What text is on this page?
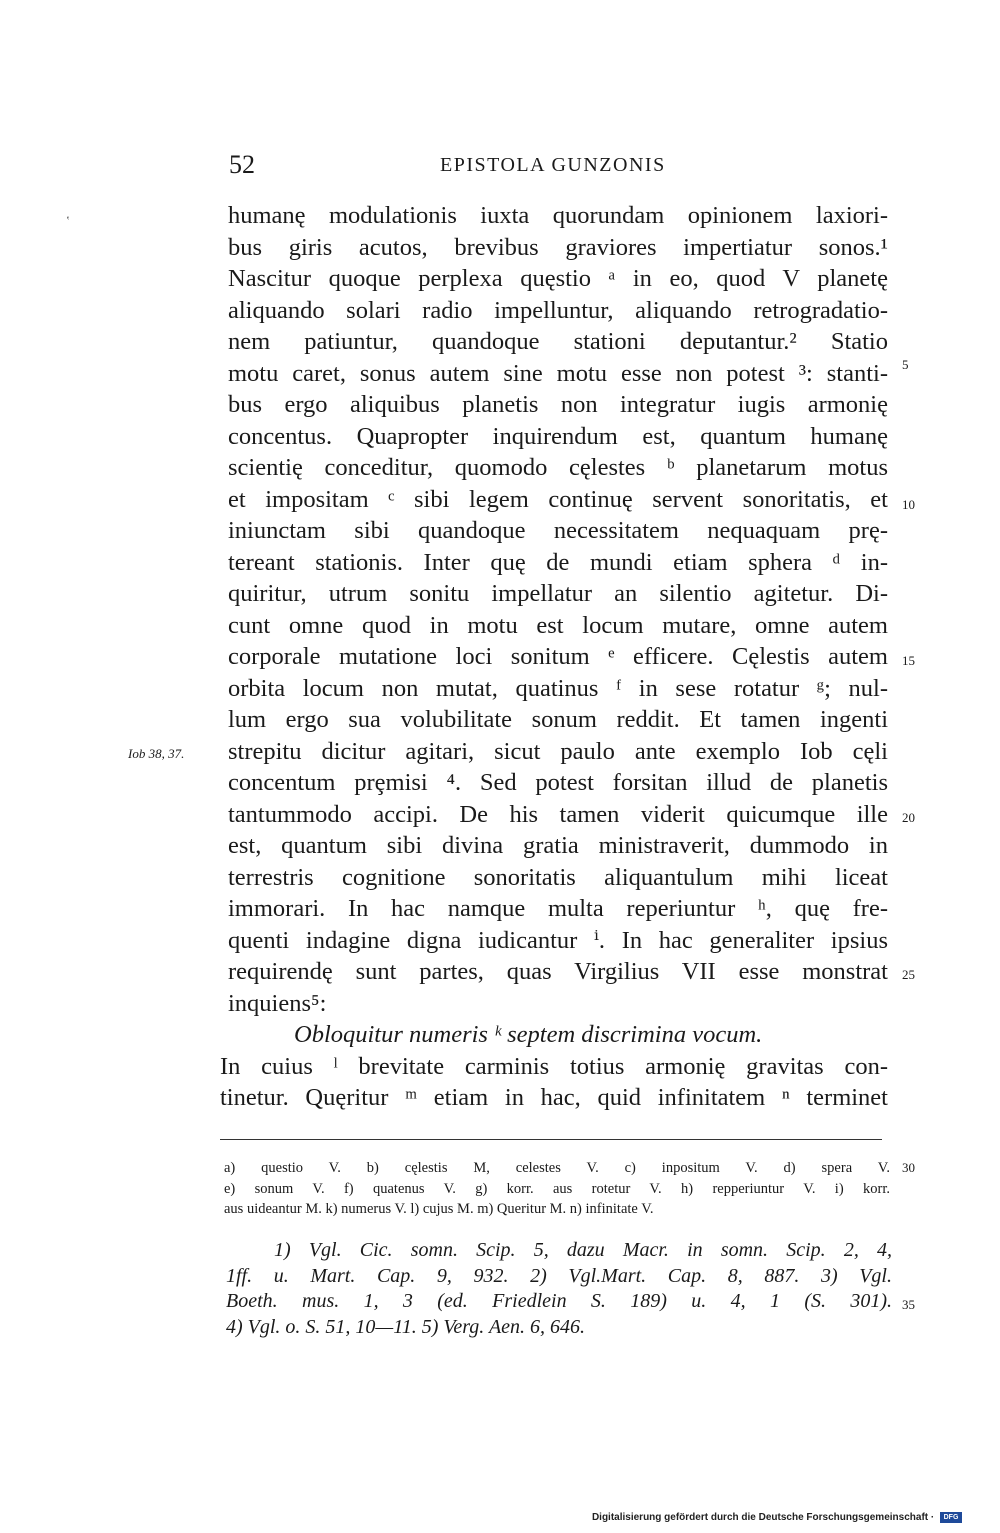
52	EPISTOLA GUNZONIS
‛	humanę modulationis iuxta quorundam opinionem laxiori-
bus giris acutos, brevibus graviores impertiatur sonos.¹
Nascitur quoque perplexa quęstio ᵃ in eo, quod V planetę
aliquando solari radio impelluntur, aliquando retrogradatio-
nem patiuntur, quandoque stationi deputantur.² Statio
motu caret, sonus autem sine motu esse non potest ³: stanti-
bus ergo aliquibus planetis non integratur iugis armonię
concentus. Quapropter inquirendum est, quantum humanę
scientię conceditur, quomodo cęlestes ᵇ planetarum motus
et impositam ᶜ sibi legem continuę servent sonoritatis, et
iniunctam sibi quandoque necessitatem nequaquam prę-
tereant stationis. Inter quę de mundi etiam sphera ᵈ in-
quiritur, utrum sonitu impellatur an silentio agitetur. Di-
cunt omne quod in motu est locum mutare, omne autem
corporale mutatione loci sonitum ᵉ efficere. Cęlestis autem
orbita locum non mutat, quatinus ᶠ in sese rotatur ᵍ; nul-
lum ergo sua volubilitate sonum reddit. Et tamen ingenti
strepitu dicitur agitari, sicut paulo ante exemplo Iob cęli
concentum prȩmisi ⁴. Sed potest forsitan illud de planetis
tantummodo accipi. De his tamen viderit quicumque ille
est, quantum sibi divina gratia ministraverit, dummodo in
terrestris cognitione sonoritatis aliquantulum mihi liceat
immorari. In hac namque multa reperiuntur ʰ, quę fre-
quenti indagine digna iudicantur ⁱ. In hac generaliter ipsius
requirendę sunt partes, quas Virgilius VII esse monstrat
inquiens⁵:
Obloquitur numeris ᵏ septem discrimina vocum.
In cuius ˡ brevitate carminis totius armonię gravitas con-
tinetur. Quęritur ᵐ etiam in hac, quid infinitatem ⁿ terminet
Iob 38, 37.
5
10
15
20
25
30
35
a) questio V. b) cęlestis M, celestes V. c) inpositum V. d) spera V.
e) sonum V. f) quatenus V. g) korr. aus rotetur V. h) repperiuntur V. i) korr.
aus uideantur M. k) numerus V. l) cujus M. m) Queritur M. n) infinitate V.
1) Vgl. Cic. somn. Scip. 5, dazu Macr. in somn. Scip. 2, 4,
1ff. u. Mart. Cap. 9, 932. 2) Vgl.Mart. Cap. 8, 887. 3) Vgl.
Boeth. mus. 1, 3 (ed. Friedlein S. 189) u. 4, 1 (S. 301).
4) Vgl. o. S. 51, 10—11. 5) Verg. Aen. 6, 646.
Digitalisierung gefördert durch die Deutsche Forschungsgemeinschaft · DFG
